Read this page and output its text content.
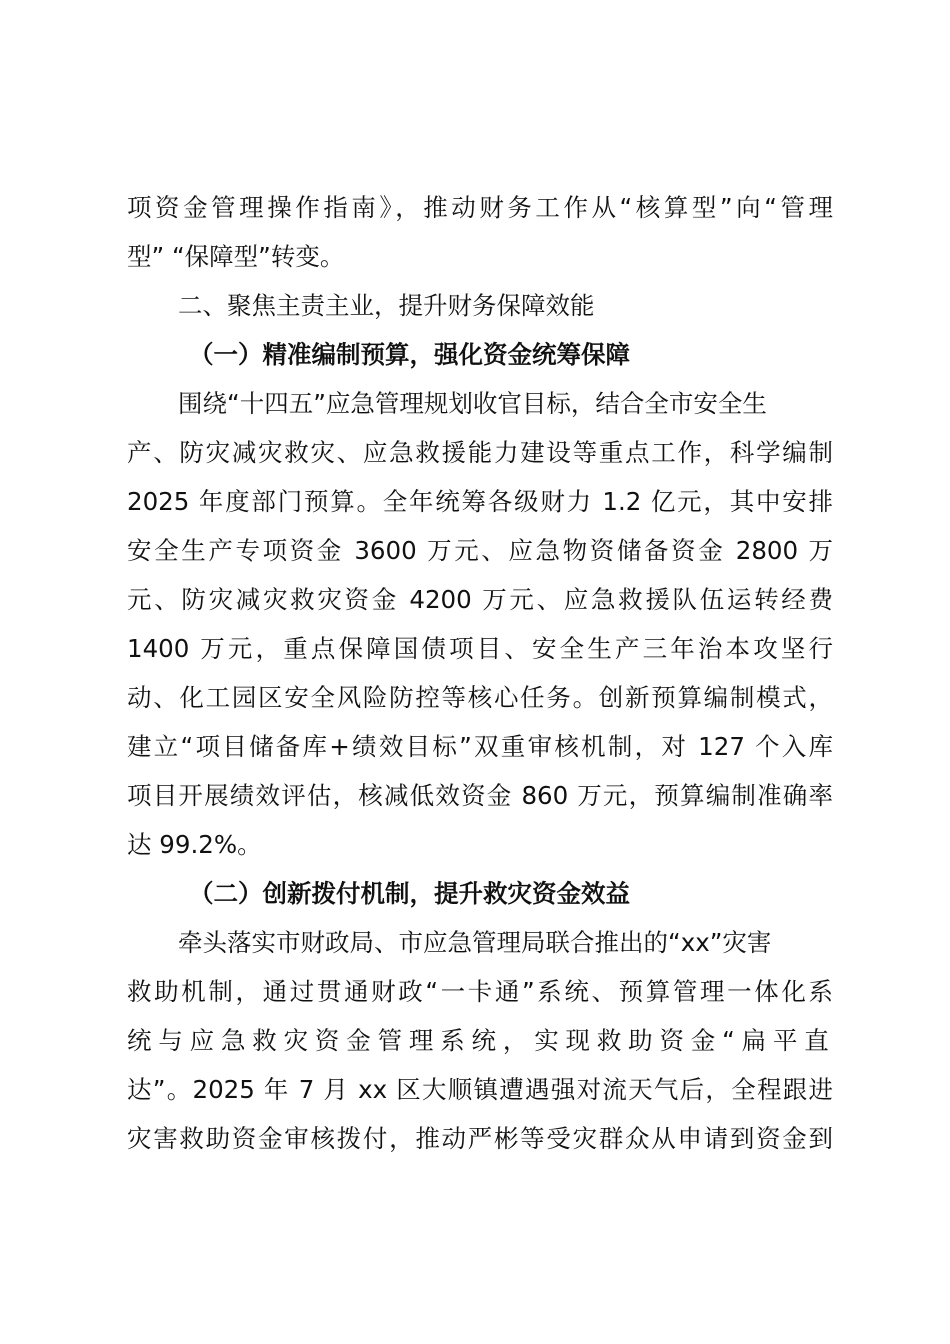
项资金管理操作指南》，推动财务工作从“核算型”向“管理
型” “保障型”转变。
二、聚焦主责主业，提升财务保障效能
（一）精准编制预算，强化资金统筹保障
围绕“十四五”应急管理规划收官目标，结合全市安全生
产、防灾减灾救灾、应急救援能力建设等重点工作，科学编制
2025 年度部门预算。全年统筹各级财力 1.2 亿元，其中安排
安全生产专项资金 3600 万元、应急物资储备资金 2800 万
元、防灾减灾救灾资金 4200 万元、应急救援队伍运转经费
1400 万元，重点保障国债项目、安全生产三年治本攻坚行
动、化工园区安全风险防控等核心任务。创新预算编制模式，
建立“项目储备库+绩效目标”双重审核机制，对 127 个入库
项目开展绩效评估，核减低效资金 860 万元，预算编制准确率
达 99.2%。
（二）创新拨付机制，提升救灾资金效益
牵头落实市财政局、市应急管理局联合推出的“xx”灾害
救助机制，通过贯通财政“一卡通”系统、预算管理一体化系
统与应急救灾资金管理系统，实现救助资金“扁平直
达”。2025 年 7 月 xx 区大顺镇遭遇强对流天气后，全程跟进
灾害救助资金审核拨付，推动严彬等受灾群众从申请到资金到
